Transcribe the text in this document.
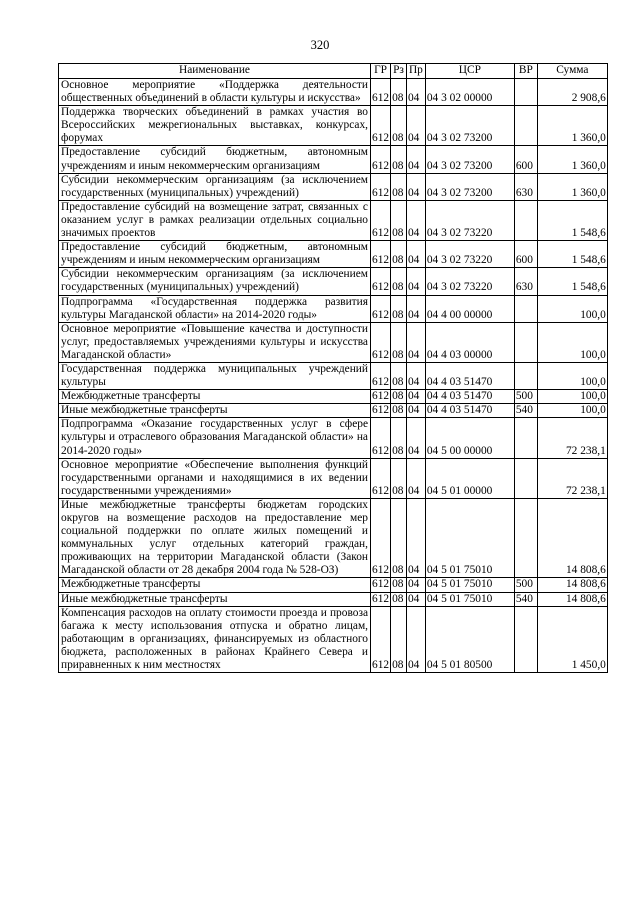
320
Наименование	ГР	Рз	Пр	ЦСР	ВР	Сумма
Основное мероприятие «Поддержка деятельности общественных объединений в области культуры и искусства»	612	08	04	04 3 02 00000		2 908,6
Поддержка творческих объединений в рамках участия во Всероссийских межрегиональных выставках, конкурсах, форумах	612	08	04	04 3 02 73200		1 360,0
Предоставление субсидий бюджетным, автономным учреждениям и иным некоммерческим организациям	612	08	04	04 3 02 73200	600	1 360,0
Субсидии некоммерческим организациям (за исключением государственных (муниципальных) учреждений)	612	08	04	04 3 02 73200	630	1 360,0
Предоставление субсидий на возмещение затрат, связанных с оказанием услуг в рамках реализации отдельных социально значимых проектов	612	08	04	04 3 02 73220		1 548,6
Предоставление субсидий бюджетным, автономным учреждениям и иным некоммерческим организациям	612	08	04	04 3 02 73220	600	1 548,6
Субсидии некоммерческим организациям (за исключением государственных (муниципальных) учреждений)	612	08	04	04 3 02 73220	630	1 548,6
Подпрограмма «Государственная поддержка развития культуры Магаданской области» на 2014-2020 годы»	612	08	04	04 4 00 00000		100,0
Основное мероприятие «Повышение качества и доступности услуг, предоставляемых учреждениями культуры и искусства Магаданской области»	612	08	04	04 4 03 00000		100,0
Государственная поддержка муниципальных учреждений культуры	612	08	04	04 4 03 51470		100,0
Межбюджетные трансферты	612	08	04	04 4 03 51470	500	100,0
Иные межбюджетные трансферты	612	08	04	04 4 03 51470	540	100,0
Подпрограмма «Оказание государственных услуг в сфере культуры и отраслевого образования Магаданской области» на 2014-2020 годы»	612	08	04	04 5 00 00000		72 238,1
Основное мероприятие «Обеспечение выполнения функций государственными органами и находящимися в их ведении государственными учреждениями»	612	08	04	04 5 01 00000		72 238,1
Иные межбюджетные трансферты бюджетам городских округов на возмещение расходов на предоставление мер социальной поддержки по оплате жилых помещений и коммунальных услуг отдельных категорий граждан, проживающих на территории Магаданской области (Закон Магаданской области от 28 декабря 2004 года № 528-ОЗ)	612	08	04	04 5 01 75010		14 808,6
Межбюджетные трансферты	612	08	04	04 5 01 75010	500	14 808,6
Иные межбюджетные трансферты	612	08	04	04 5 01 75010	540	14 808,6
Компенсация расходов на оплату стоимости проезда и провоза багажа к месту использования отпуска и обратно лицам, работающим в организациях, финансируемых из областного бюджета, расположенных в районах Крайнего Севера и приравненных к ним местностях	612	08	04	04 5 01 80500		1 450,0
